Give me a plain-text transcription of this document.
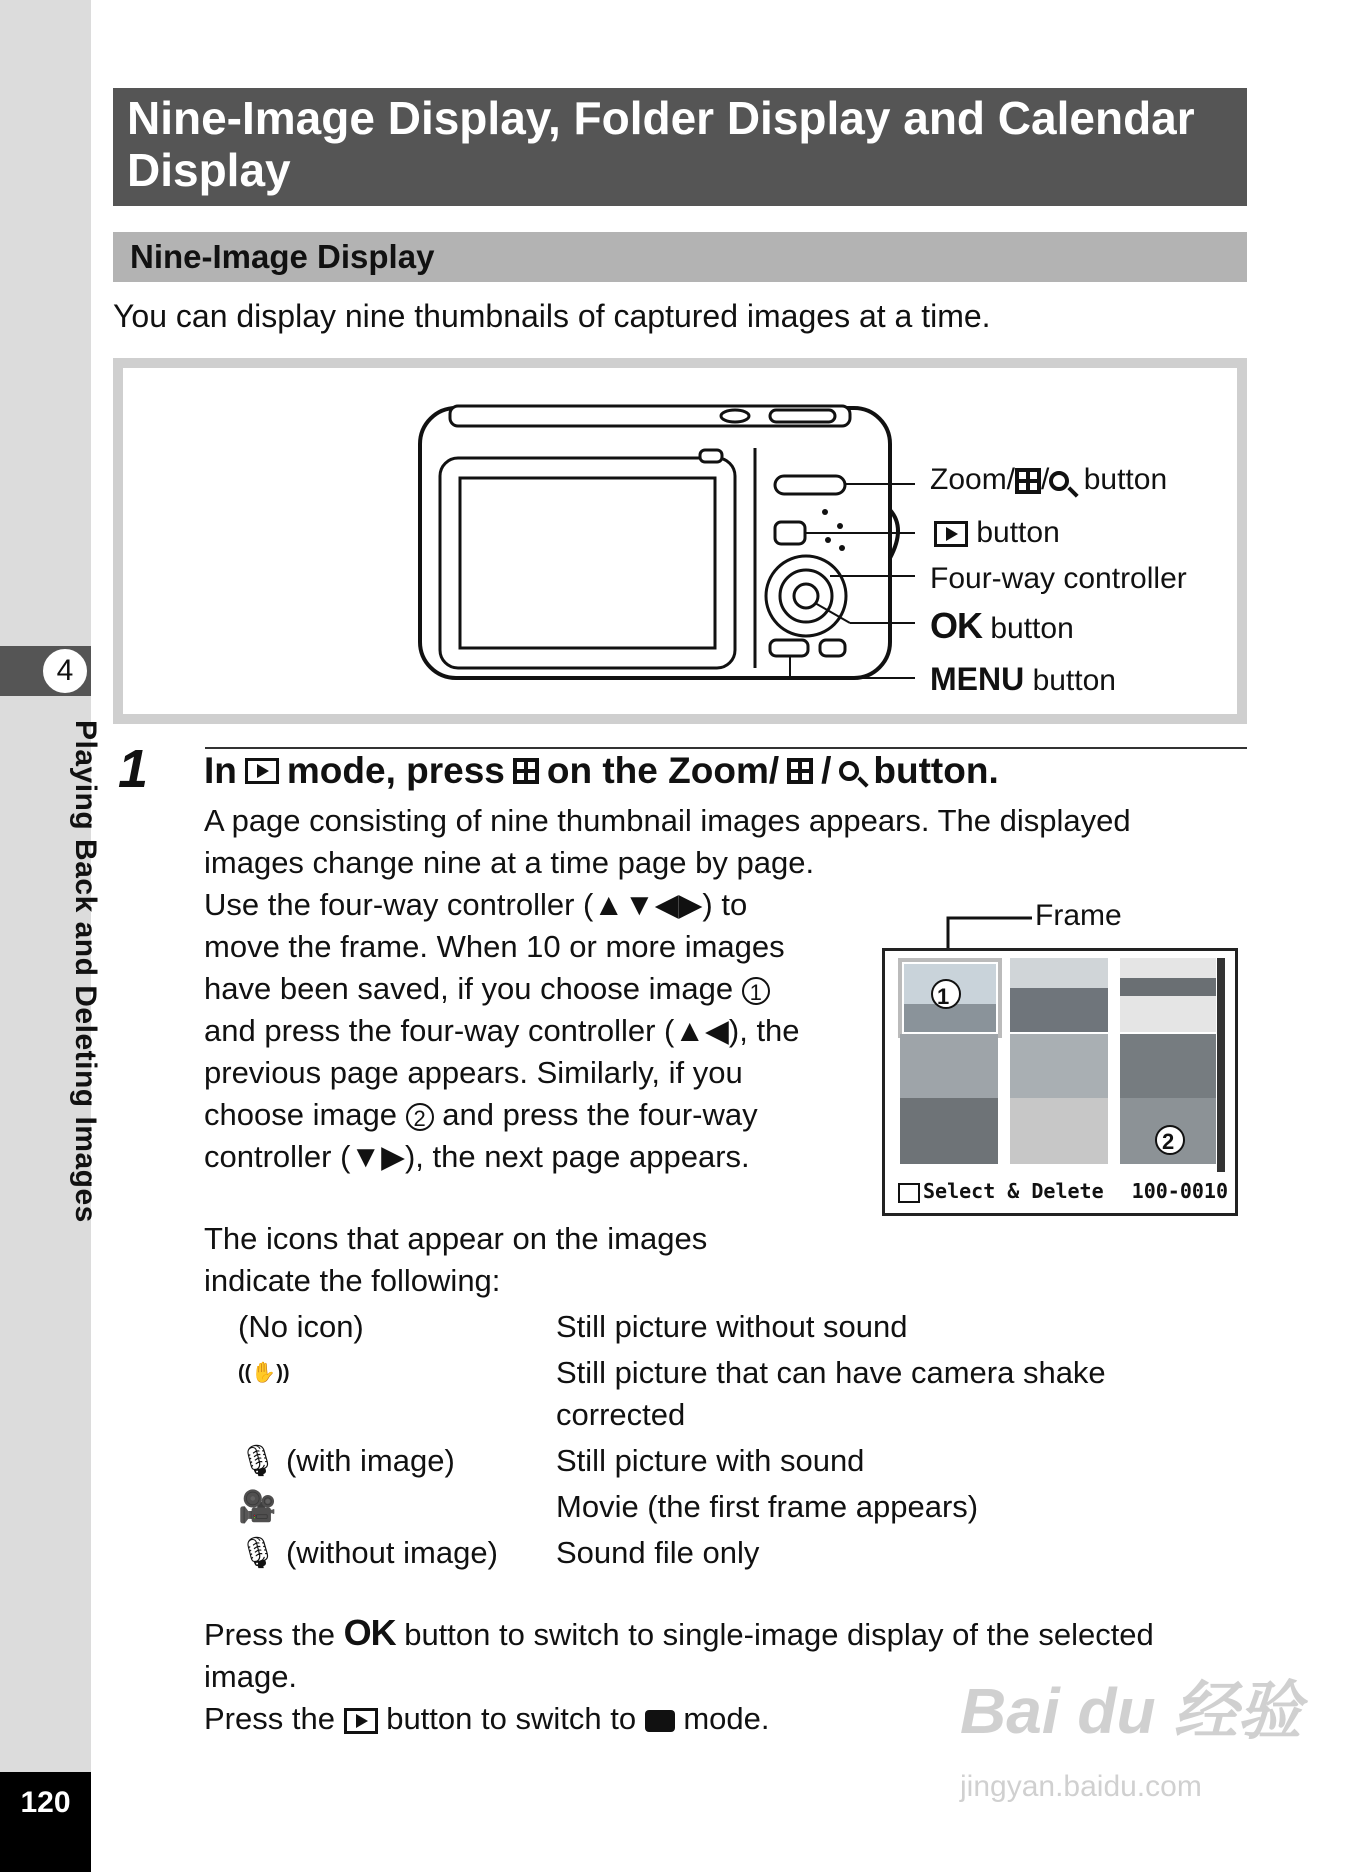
4
Playing Back and Deleting Images
120
Nine-Image Display, Folder Display and Calendar Display
Nine-Image Display
You can display nine thumbnails of captured images at a time.
Zoom/ / button
button
Four-way controller
OK button
MENU button
1 In mode, press on the Zoom/ / button.
A page consisting of nine thumbnail images appears. The displayed
images change nine at a time page by page.
Use the four-way controller (▲▼◀▶) to
move the frame. When 10 or more images
have been saved, if you choose image 1
and press the four-way controller (▲◀), the
previous page appears. Similarly, if you
choose image 2 and press the four-way
controller (▼▶), the next page appears.
Frame
1
2
Select & Delete 100-0010
The icons that appear on the images
indicate the following:
(No icon)	Still picture without sound
((✋))	Still picture that can have camera shake
corrected
🎙 (with image)	Still picture with sound
🎥	Movie (the first frame appears)
🎙 (without image)	Sound file only
Press the OK button to switch to single-image display of the selected
image.
Press the button to switch to mode.	Bai du 经验
jingyan.baidu.com
